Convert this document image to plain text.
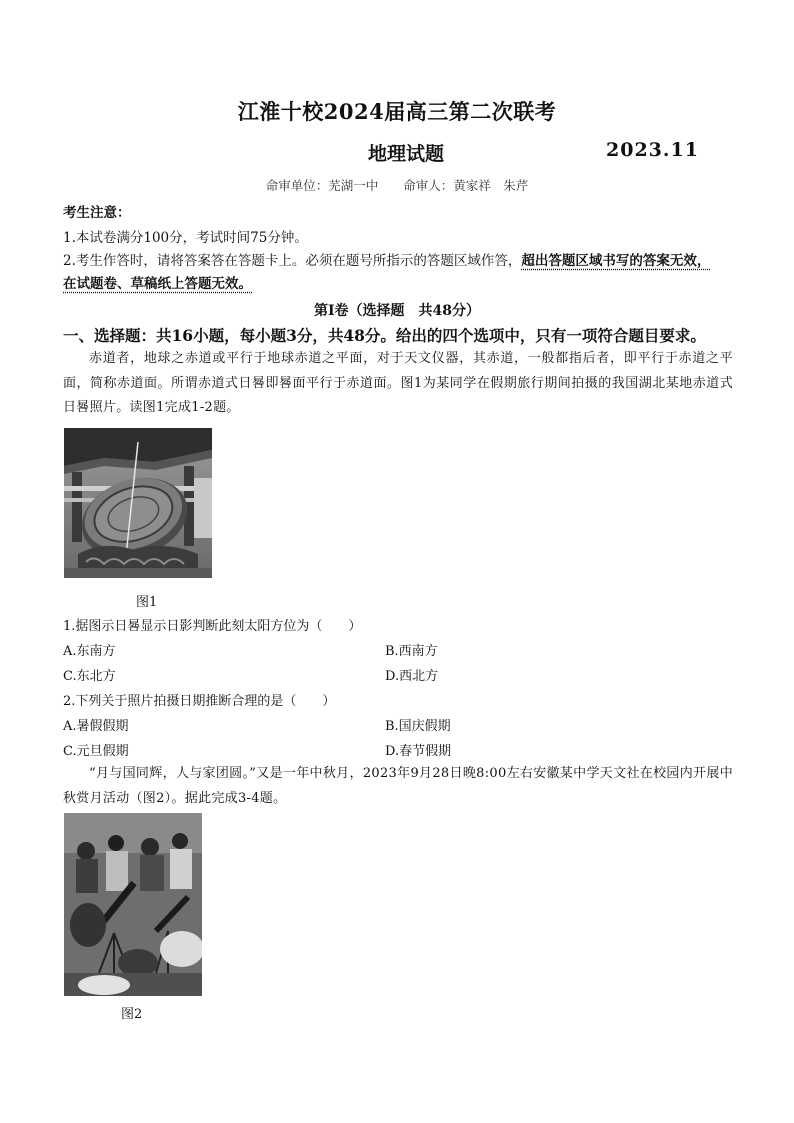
江淮十校2024届高三第二次联考
地理试题	2023.11
命审单位：芜湖一中　　命审人：黄家祥　朱芹
考生注意：
1.本试卷满分100分，考试时间75分钟。
2.考生作答时，请将答案答在答题卡上。必须在题号所指示的答题区域作答，超出答题区域书写的答案无效，
在试题卷、草稿纸上答题无效。
第Ⅰ卷（选择题　共48分）
一、选择题：共16小题，每小题3分，共48分。给出的四个选项中，只有一项符合题目要求。
赤道者，地球之赤道或平行于地球赤道之平面，对于天文仪器，其赤道，一般都指后者，即平行于赤道之平面，简称赤道面。所谓赤道式日晷即晷面平行于赤道面。图1为某同学在假期旅行期间拍摄的我国湖北某地赤道式日晷照片。读图1完成1-2题。
图1
1.据图示日晷显示日影判断此刻太阳方位为（　　）
A.东南方	B.西南方
C.东北方	D.西北方
2.下列关于照片拍摄日期推断合理的是（　　）
A.暑假假期	B.国庆假期
C.元旦假期	D.春节假期
“月与国同辉，人与家团圆。”又是一年中秋月，2023年9月28日晚8:00左右安徽某中学天文社在校园内开展中秋赏月活动（图2）。据此完成3-4题。
图2
